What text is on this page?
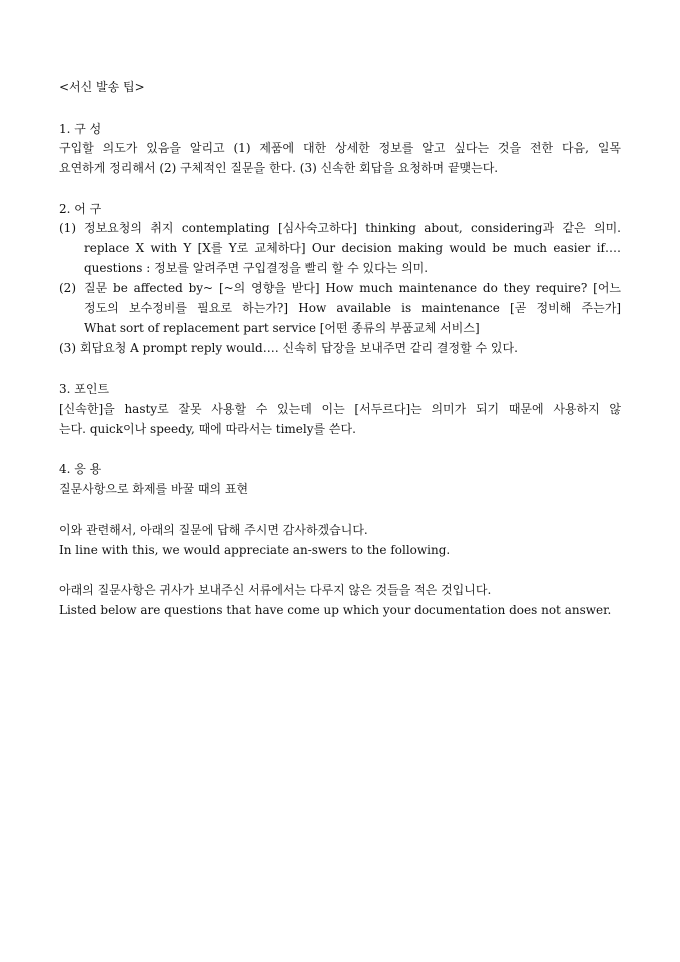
<서신 발송 팁>
1. 구 성
구입할 의도가 있음을 알리고 (1) 제품에 대한 상세한 정보를 알고 싶다는 것을 전한 다음, 일목
요연하게 정리해서 (2) 구체적인 질문을 한다. (3) 신속한 회답을 요청하며 끝맺는다.
2. 어 구
(1) 정보요청의 취지 contemplating [심사숙고하다] thinking about, considering과 같은 의미.
replace X with Y [X를 Y로 교체하다] Our decision making would be much easier if‥‥
questions : 정보를 알려주면 구입결정을 빨리 할 수 있다는 의미.
(2) 질문 be affected by~ [~의 영향을 받다] How much maintenance do they require? [어느
정도의 보수정비를 필요로 하는가?] How available is maintenance [곧 정비해 주는가]
What sort of replacement part service [어떤 종류의 부품교체 서비스]
(3) 회답요청 A prompt reply would‥‥ 신속히 답장을 보내주면 같리 결정할 수 있다.
3. 포인트
[신속한]을 hasty로 잘못 사용할 수 있는데 이는 [서두르다]는 의미가 되기 때문에 사용하지 않
는다. quick이나 speedy, 때에 따라서는 timely를 쓴다.
4. 응 용
질문사항으로 화제를 바꿀 때의 표현
이와 관련해서, 아래의 질문에 답해 주시면 감사하겠습니다.
In line with this, we would appreciate an-swers to the following.
아래의 질문사항은 귀사가 보내주신 서류에서는 다루지 않은 것들을 적은 것입니다.
Listed below are questions that have come up which your documentation does not answer.
